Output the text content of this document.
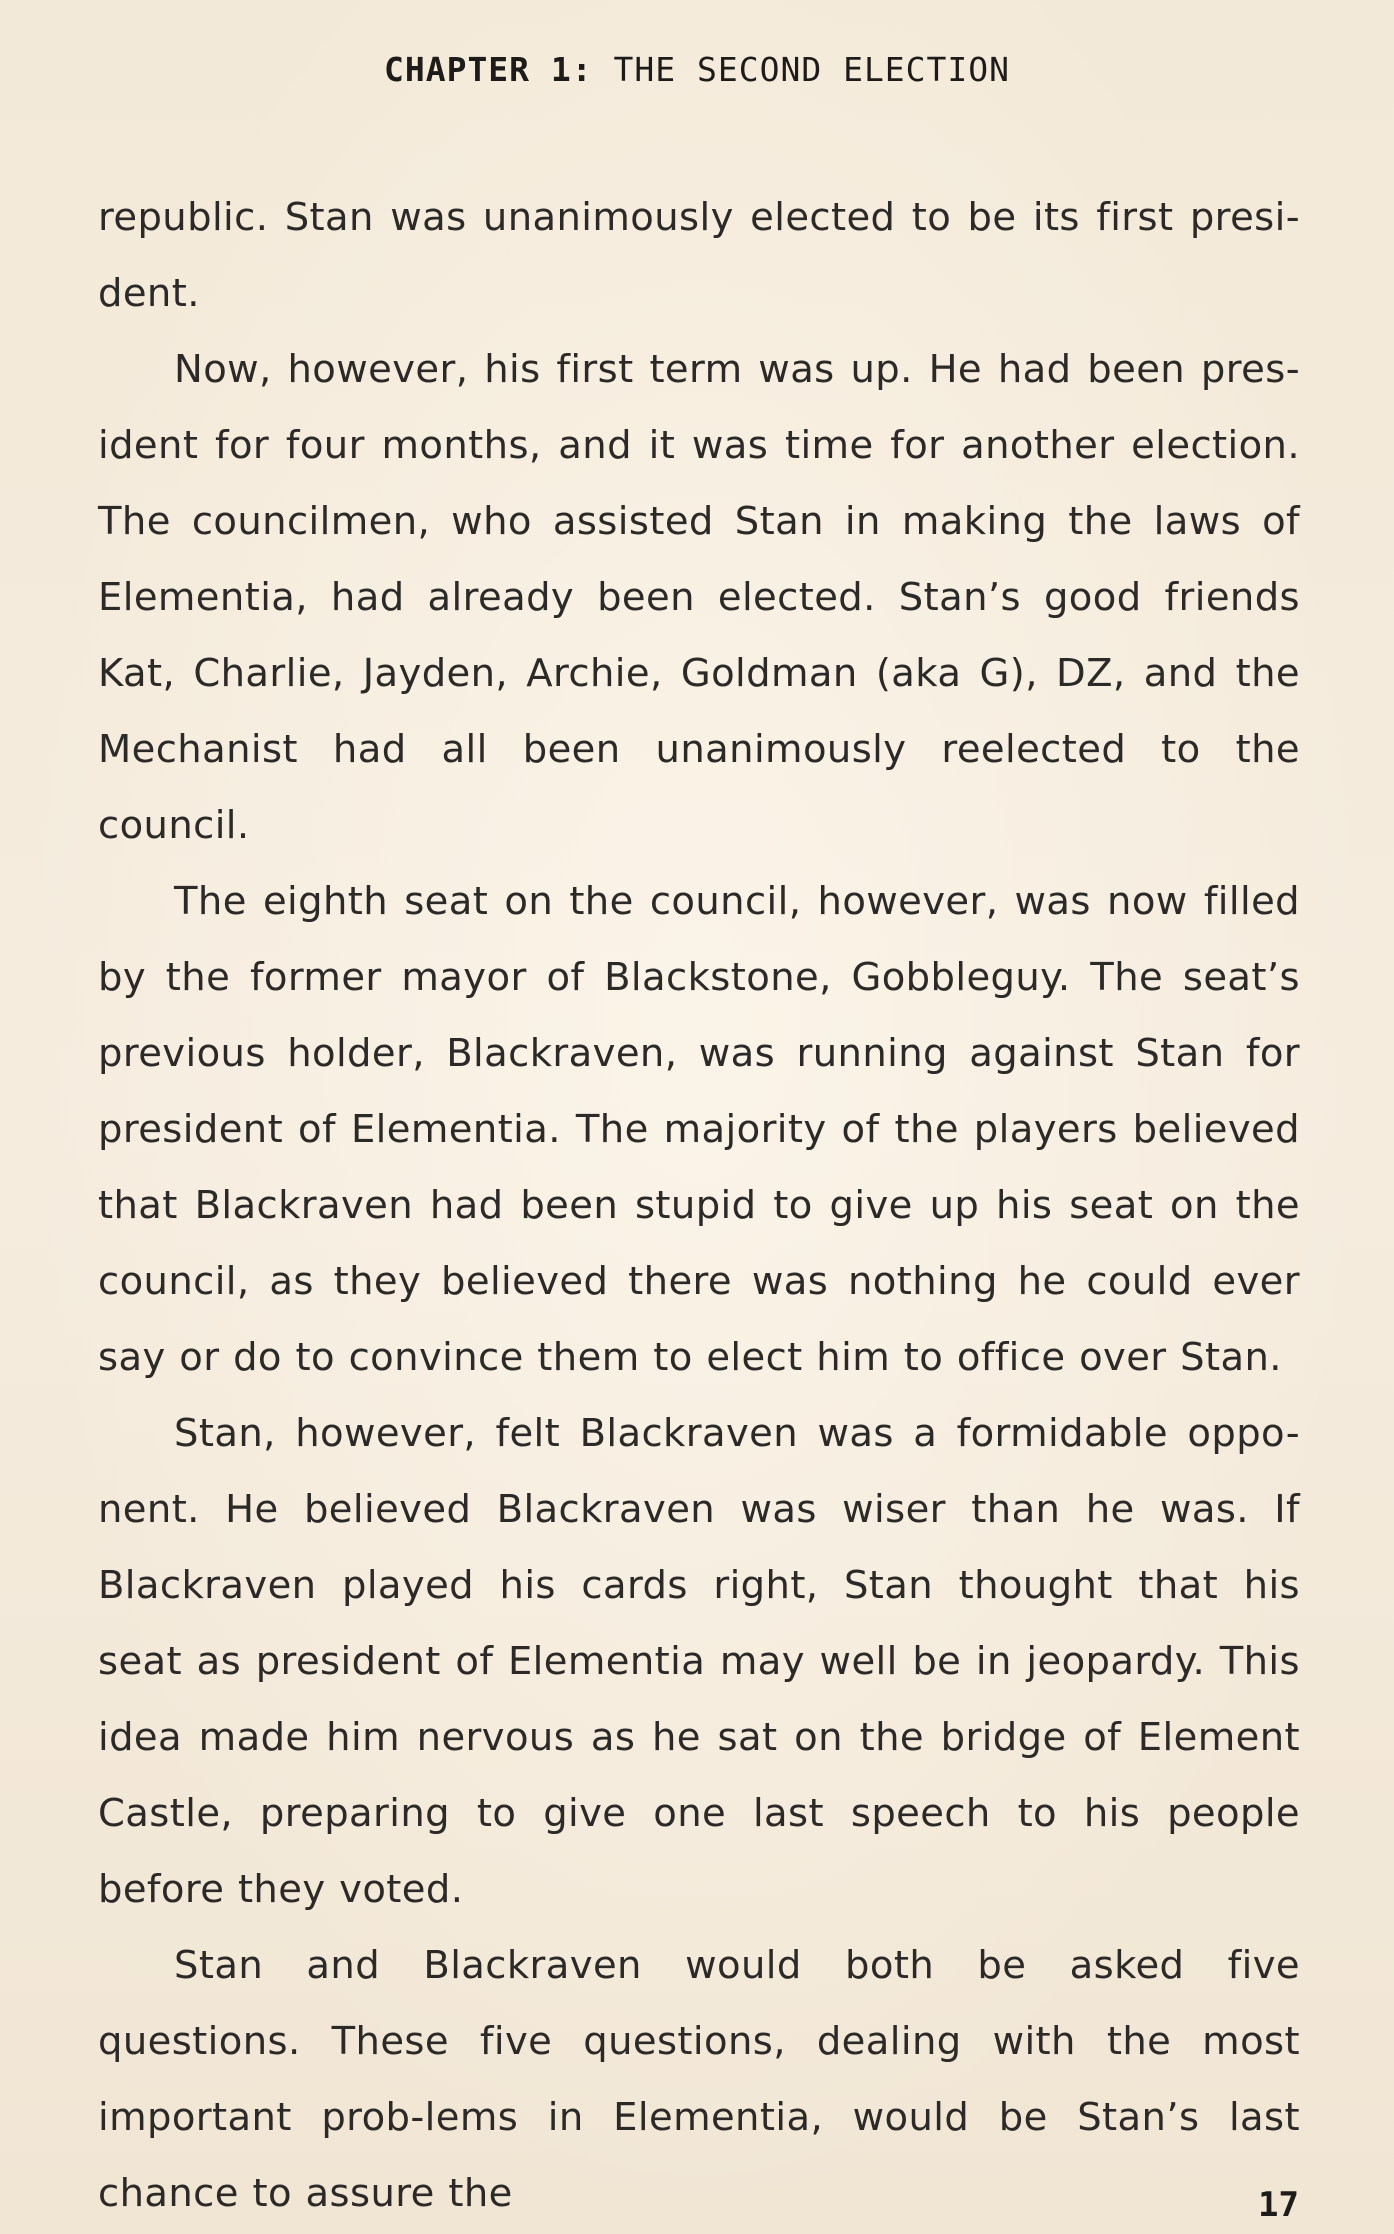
CHAPTER 1: THE SECOND ELECTION

republic. Stan was unanimously elected to be its first presi-dent.

Now, however, his first term was up. He had been pres-ident for four months, and it was time for another election. The councilmen, who assisted Stan in making the laws of Elementia, had already been elected. Stan’s good friends Kat, Charlie, Jayden, Archie, Goldman (aka G), DZ, and the Mechanist had all been unanimously reelected to the council.

The eighth seat on the council, however, was now filled by the former mayor of Blackstone, Gobbleguy. The seat’s previous holder, Blackraven, was running against Stan for president of Elementia. The majority of the players believed that Blackraven had been stupid to give up his seat on the council, as they believed there was nothing he could ever say or do to convince them to elect him to office over Stan.

Stan, however, felt Blackraven was a formidable oppo-nent. He believed Blackraven was wiser than he was. If Blackraven played his cards right, Stan thought that his seat as president of Elementia may well be in jeopardy. This idea made him nervous as he sat on the bridge of Element Castle, preparing to give one last speech to his people before they voted.

Stan and Blackraven would both be asked five questions. These five questions, dealing with the most important prob-lems in Elementia, would be Stan’s last chance to assure the	17
